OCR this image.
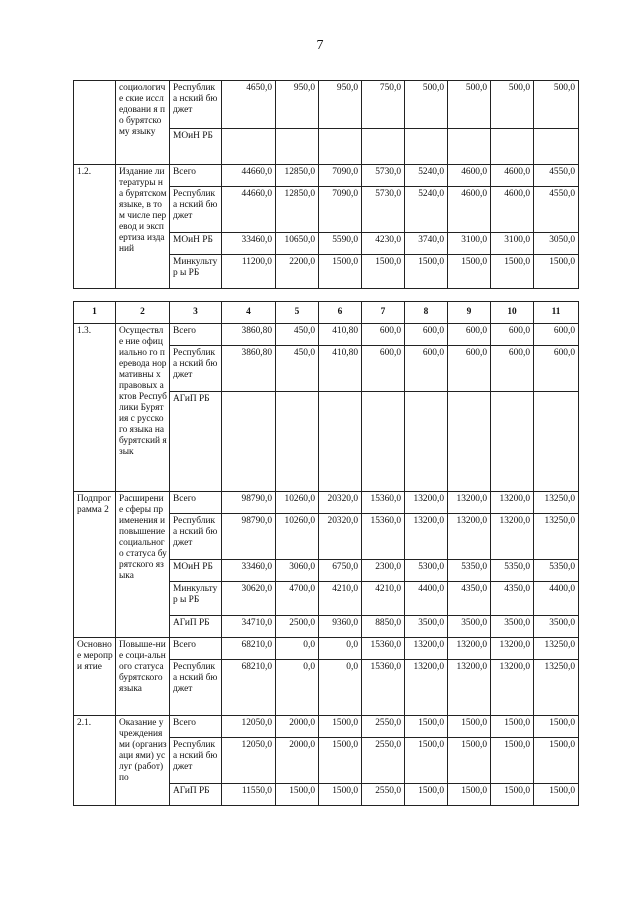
7
	социологиче ские исследовани я по бурятскому языку	Республика нский бюджет	4650,0	950,0	950,0	750,0	500,0	500,0	500,0	500,0
		МОиН РБ								
1.2.	Издание литературы на бурятском языке, в том числе перевод и экспертиза изданий	Всего	44660,0	12850,0	7090,0	5730,0	5240,0	4600,0	4600,0	4550,0
		Республика нский бюджет	44660,0	12850,0	7090,0	5730,0	5240,0	4600,0	4600,0	4550,0
		МОиН РБ	33460,0	10650,0	5590,0	4230,0	3740,0	3100,0	3100,0	3050,0
		Минкультур ы РБ	11200,0	2200,0	1500,0	1500,0	1500,0	1500,0	1500,0	1500,0
1	2	3	4	5	6	7	8	9	10	11
1.3.	Осуществле ние официально го перевода нормативны х правовых актов Республики Бурятия с русского языка на бурятский язык	Всего	3860,80	450,0	410,80	600,0	600,0	600,0	600,0	600,0
		Республика нский бюджет	3860,80	450,0	410,80	600,0	600,0	600,0	600,0	600,0
		АГиП РБ								
Подпрог рамма 2	Расширение сферы применения и повышение социального статуса бурятского языка	Всего	98790,0	10260,0	20320,0	15360,0	13200,0	13200,0	13200,0	13250,0
		Республика нский бюджет	98790,0	10260,0	20320,0	15360,0	13200,0	13200,0	13200,0	13250,0
		МОиН РБ	33460,0	3060,0	6750,0	2300,0	5300,0	5350,0	5350,0	5350,0
		Минкультур ы РБ	30620,0	4700,0	4210,0	4210,0	4400,0	4350,0	4350,0	4400,0
		АГиП РБ	34710,0	2500,0	9360,0	8850,0	3500,0	3500,0	3500,0	3500,0
Основно е меропри ятие	Повыше-ние соци-ального статуса бурятского языка	Всего	68210,0	0,0	0,0	15360,0	13200,0	13200,0	13200,0	13250,0
		Республика нский бюджет	68210,0	0,0	0,0	15360,0	13200,0	13200,0	13200,0	13250,0
2.1.	Оказание учреждения ми (организаци ями) услуг (работ) по	Всего	12050,0	2000,0	1500,0	2550,0	1500,0	1500,0	1500,0	1500,0
		Республика нский бюджет	12050,0	2000,0	1500,0	2550,0	1500,0	1500,0	1500,0	1500,0
		АГиП РБ	11550,0	1500,0	1500,0	2550,0	1500,0	1500,0	1500,0	1500,0
